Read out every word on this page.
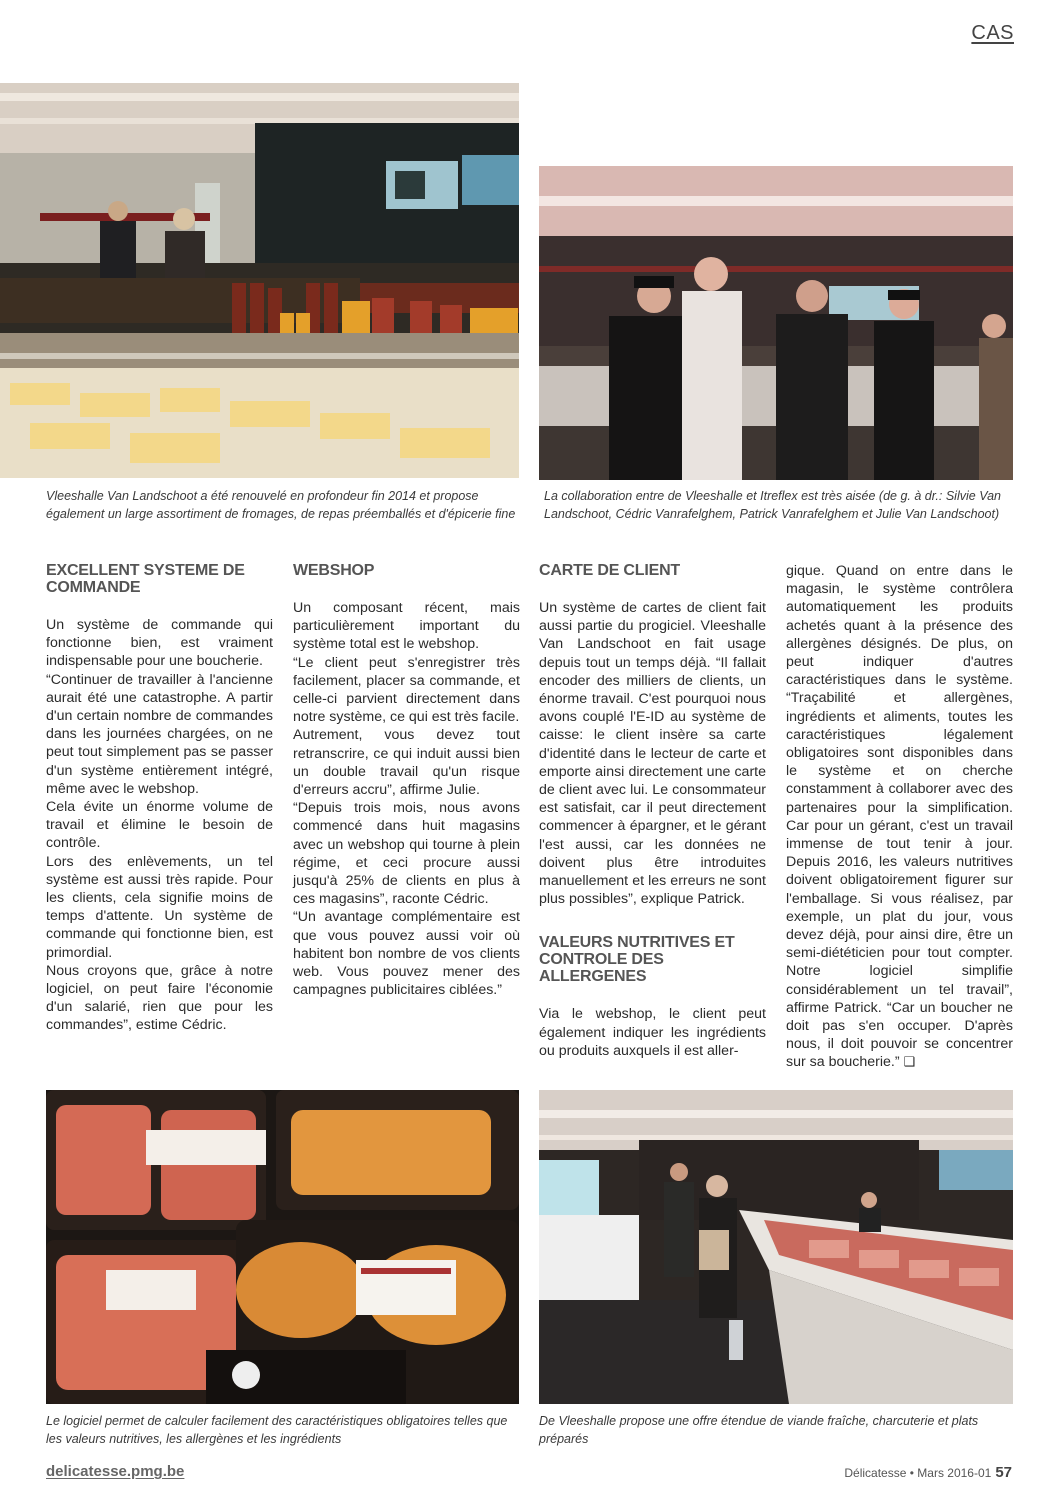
CAS
Vleeshalle Van Landschoot a été renouvelé en profondeur fin 2014 et propose également un large assortiment de fromages, de repas préemballés et d'épicerie fine
La collaboration entre de Vleeshalle et Itreflex est très aisée (de g. à dr.: Silvie Van Landschoot, Cédric Vanrafelghem, Patrick Vanrafelghem et Julie Van Landschoot)
EXCELLENT SYSTEME DE COMMANDE

Un système de commande qui fonctionne bien, est vraiment indispensable pour une boucherie.

“Continuer de travailler à l'ancienne aurait été une catastrophe. A partir d'un certain nombre de commandes dans les journées chargées, on ne peut tout simplement pas se passer d'un système entièrement intégré, même avec le webshop.

Cela évite un énorme volume de travail et élimine le besoin de contrôle.

Lors des enlèvements, un tel système est aussi très rapide. Pour les clients, cela signifie moins de temps d'attente. Un système de commande qui fonctionne bien, est primordial.

Nous croyons que, grâce à notre logiciel, on peut faire l'économie d'un salarié, rien que pour les commandes”, estime Cédric.

WEBSHOP

Un composant récent, mais particulièrement important du système total est le webshop.

“Le client peut s'enregistrer très facilement, placer sa commande, et celle-ci parvient directement dans notre système, ce qui est très facile.

Autrement, vous devez tout retranscrire, ce qui induit aussi bien un double travail qu'un risque d'erreurs accru”, affirme Julie.

“Depuis trois mois, nous avons commencé dans huit magasins avec un webshop qui tourne à plein régime, et ceci procure aussi jusqu'à 25% de clients en plus à ces magasins”, raconte Cédric.

“Un avantage complémentaire est que vous pouvez aussi voir où habitent bon nombre de vos clients web. Vous pouvez mener des campagnes publicitaires ciblées.”

CARTE DE CLIENT

Un système de cartes de client fait aussi partie du progiciel. Vleeshalle Van Landschoot en fait usage depuis tout un temps déjà. “Il fallait encoder des milliers de clients, un énorme travail. C'est pourquoi nous avons couplé l'E-ID au système de caisse: le client insère sa carte d'identité dans le lecteur de carte et emporte ainsi directement une carte de client avec lui. Le consommateur est satisfait, car il peut directement commencer à épargner, et le gérant l'est aussi, car les données ne doivent plus être introduites manuellement et les erreurs ne sont plus possibles”, explique Patrick.

VALEURS NUTRITIVES ET CONTROLE DES ALLERGENES

Via le webshop, le client peut également indiquer les ingrédients ou produits auxquels il est aller-

gique. Quand on entre dans le magasin, le système contrôlera automatiquement les produits achetés quant à la présence des allergènes désignés. De plus, on peut indiquer d'autres caractéristiques dans le système. “Traçabilité et allergènes, ingrédients et aliments, toutes les caractéristiques légalement obligatoires sont disponibles dans le système et on cherche constamment à collaborer avec des partenaires pour la simplification. Car pour un gérant, c'est un travail immense de tout tenir à jour. Depuis 2016, les valeurs nutritives doivent obligatoirement figurer sur l'emballage. Si vous réalisez, par exemple, un plat du jour, vous devez déjà, pour ainsi dire, être un semi-diététicien pour tout compter. Notre logiciel simplifie considérablement un tel travail”, affirme Patrick. “Car un boucher ne doit pas s'en occuper. D'après nous, il doit pouvoir se concentrer sur sa boucherie.” ❑

Le logiciel permet de calculer facilement des caractéristiques obligatoires telles que les valeurs nutritives, les allergènes et les ingrédients
De Vleeshalle propose une offre étendue de viande fraîche, charcuterie et plats préparés
delicatesse.pmg.be	Délicatesse • Mars 2016-01 57
